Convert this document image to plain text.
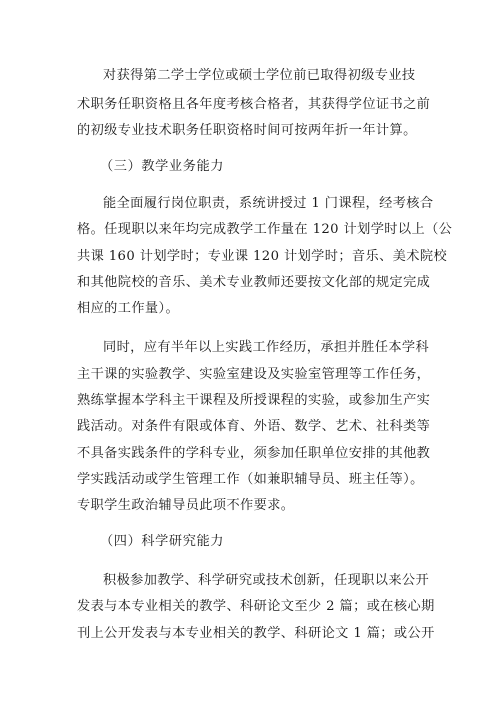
对获得第二学士学位或硕士学位前已取得初级专业技
术职务任职资格且各年度考核合格者，其获得学位证书之前
的初级专业技术职务任职资格时间可按两年折一年计算。
（三）教学业务能力
能全面履行岗位职责，系统讲授过 1 门课程，经考核合
格。任现职以来年均完成教学工作量在 120 计划学时以上（公
共课 160 计划学时；专业课 120 计划学时；音乐、美术院校
和其他院校的音乐、美术专业教师还要按文化部的规定完成
相应的工作量）。
同时，应有半年以上实践工作经历，承担并胜任本学科
主干课的实验教学、实验室建设及实验室管理等工作任务，
熟练掌握本学科主干课程及所授课程的实验，或参加生产实
践活动。对条件有限或体育、外语、数学、艺术、社科类等
不具备实践条件的学科专业，须参加任职单位安排的其他教
学实践活动或学生管理工作（如兼职辅导员、班主任等）。
专职学生政治辅导员此项不作要求。
（四）科学研究能力
积极参加教学、科学研究或技术创新，任现职以来公开
发表与本专业相关的教学、科研论文至少 2 篇；或在核心期
刊上公开发表与本专业相关的教学、科研论文 1 篇；或公开
